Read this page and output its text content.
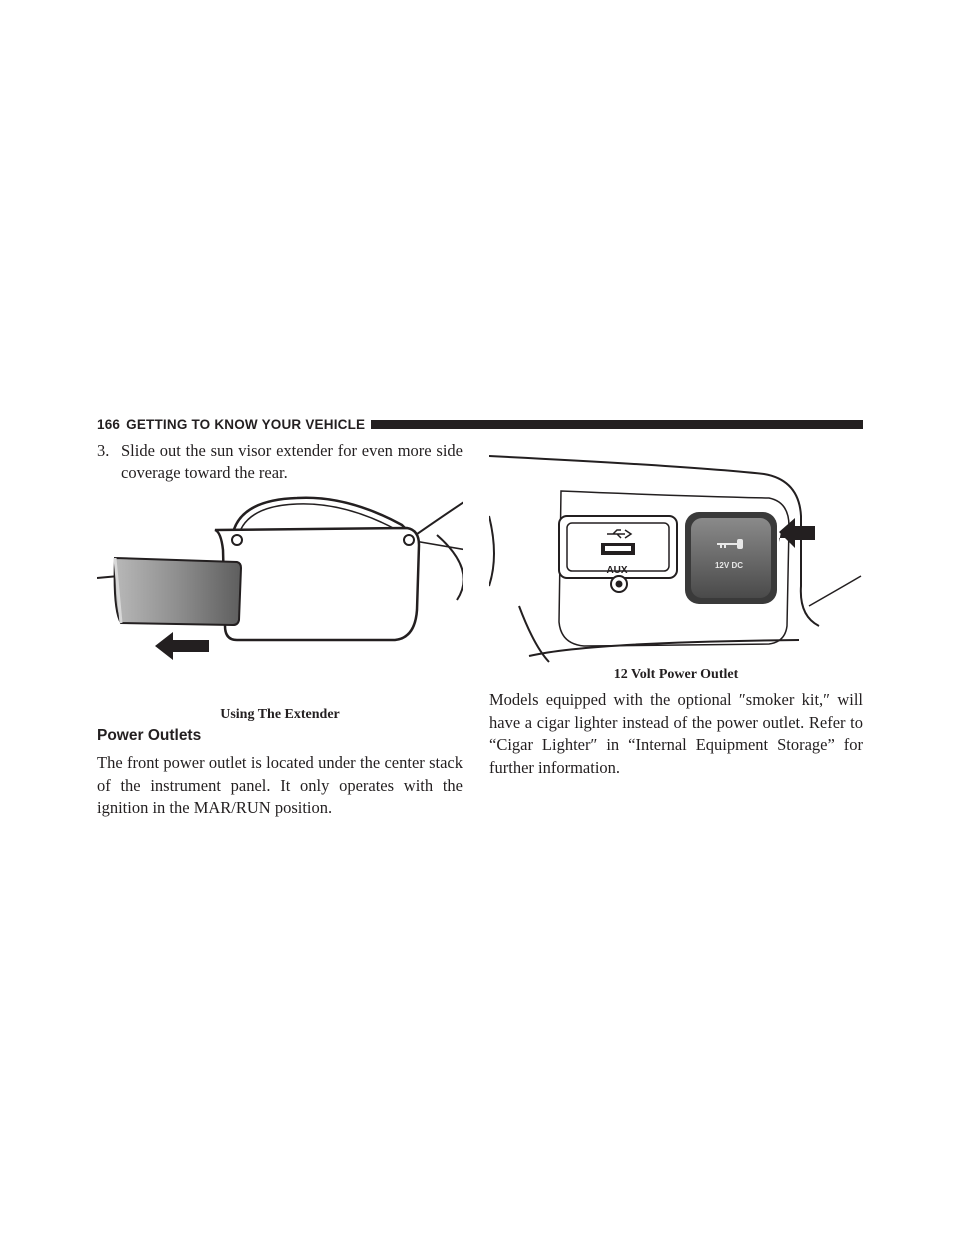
166 GETTING TO KNOW YOUR VEHICLE

3. Slide out the sun visor extender for even more side coverage toward the rear.

Using The Extender
Power Outlets

The front power outlet is located under the center stack of the instrument panel. It only operates with the ignition in the MAR/RUN position.

AUX	12V DC
12 Volt Power Outlet

Models equipped with the optional ″smoker kit,″ will have a cigar lighter instead of the power outlet. Refer to “Cigar Lighter″ in “Internal Equipment Storage” for further information.
